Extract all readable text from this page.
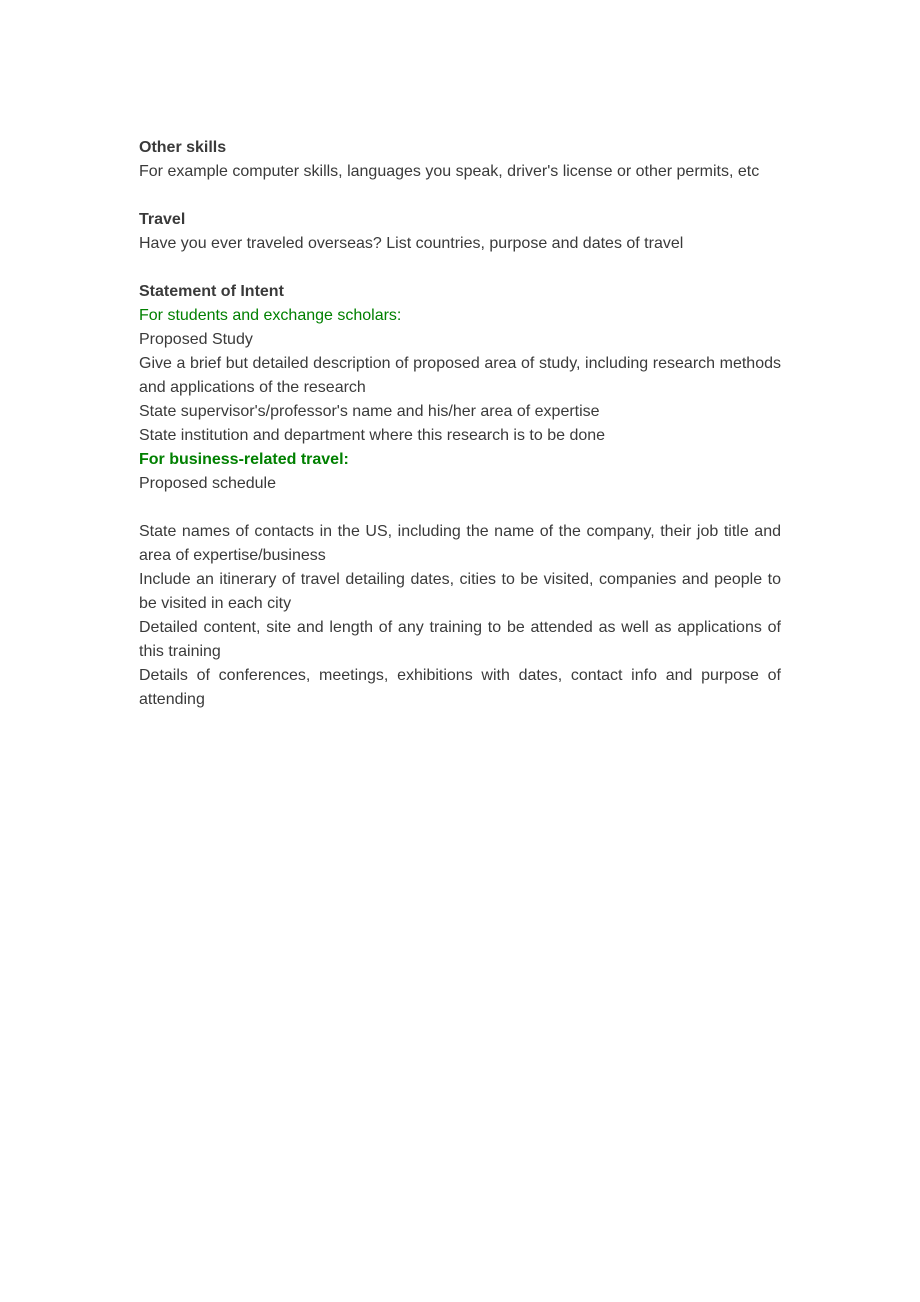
Other skills

For example computer skills, languages you speak, driver's license or other permits, etc

Travel

Have you ever traveled overseas? List countries, purpose and dates of travel

Statement of Intent

For students and exchange scholars:

Proposed Study

Give a brief but detailed description of proposed area of study, including research methods and applications of the research

State supervisor's/professor's name and his/her area of expertise

State institution and department where this research is to be done

For business-related travel:

Proposed schedule

State names of contacts in the US, including the name of the company, their job title and area of expertise/business

Include an itinerary of travel detailing dates, cities to be visited, companies and people to be visited in each city

Detailed content, site and length of any training to be attended as well as applications of this training

Details of conferences, meetings, exhibitions with dates, contact info and purpose of attending
